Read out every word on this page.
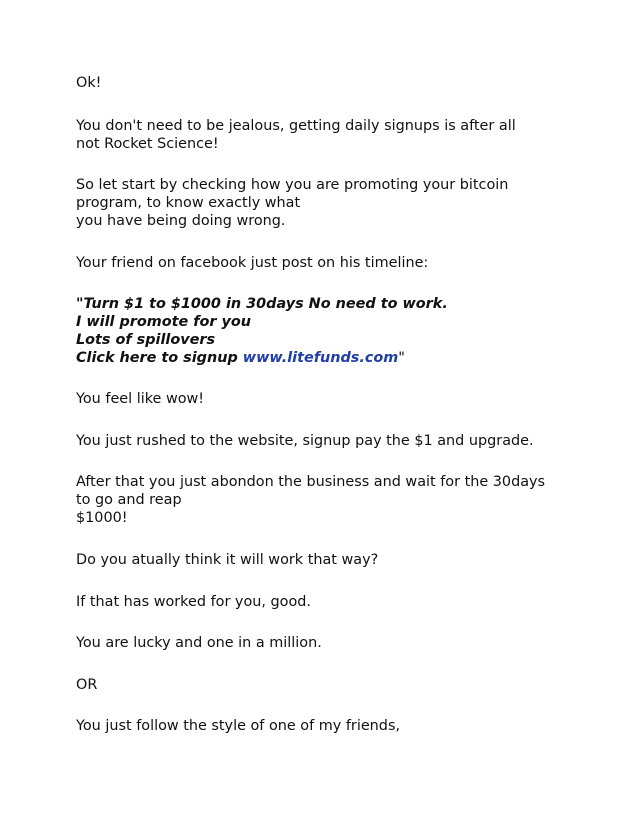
Ok!

You don't need to be jealous, getting daily signups is after all

not Rocket Science!

So let start by checking how you are promoting your bitcoin

program, to know exactly what

you have being doing wrong.

Your friend on facebook just post on his timeline:

"Turn $1 to $1000 in 30days No need to work.

I will promote for you

Lots of spillovers

Click here to signup www.litefunds.com"

You feel like wow!

You just rushed to the website, signup pay the $1 and upgrade.

After that you just abondon the business and wait for the 30days

to go and reap

$1000!

Do you atually think it will work that way?

If that has worked for you, good.

You are lucky and one in a million.

OR

You just follow the style of one of my friends,
